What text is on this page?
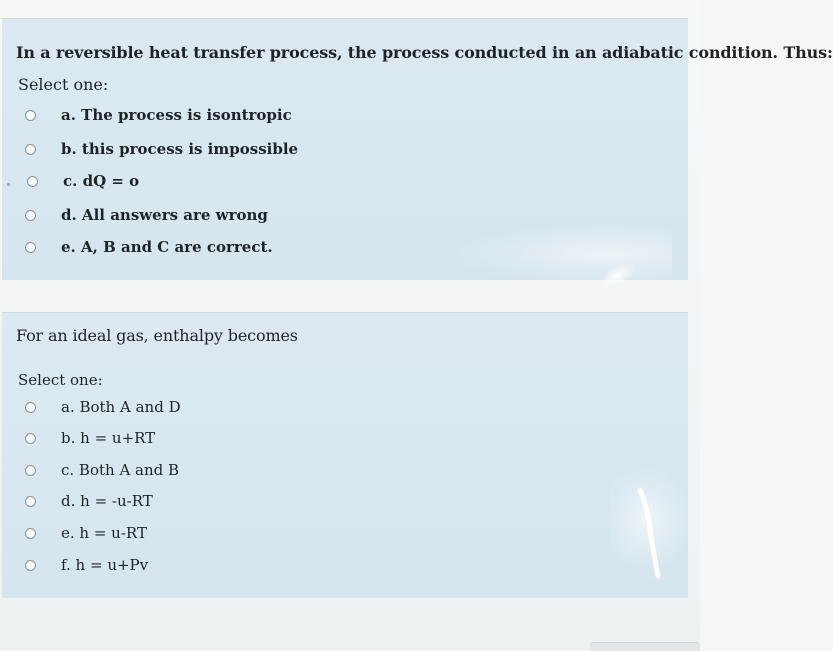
In a reversible heat transfer process, the process conducted in an adiabatic condition. Thus:
Select one:
a. The process is isontropic
b. this process is impossible
c. dQ = o
d. All answers are wrong
e. A, B and C are correct.
For an ideal gas, enthalpy becomes
Select one:
a. Both A and D
b. h = u+RT
c. Both A and B
d. h = -u-RT
e. h = u-RT
f. h = u+Pv
